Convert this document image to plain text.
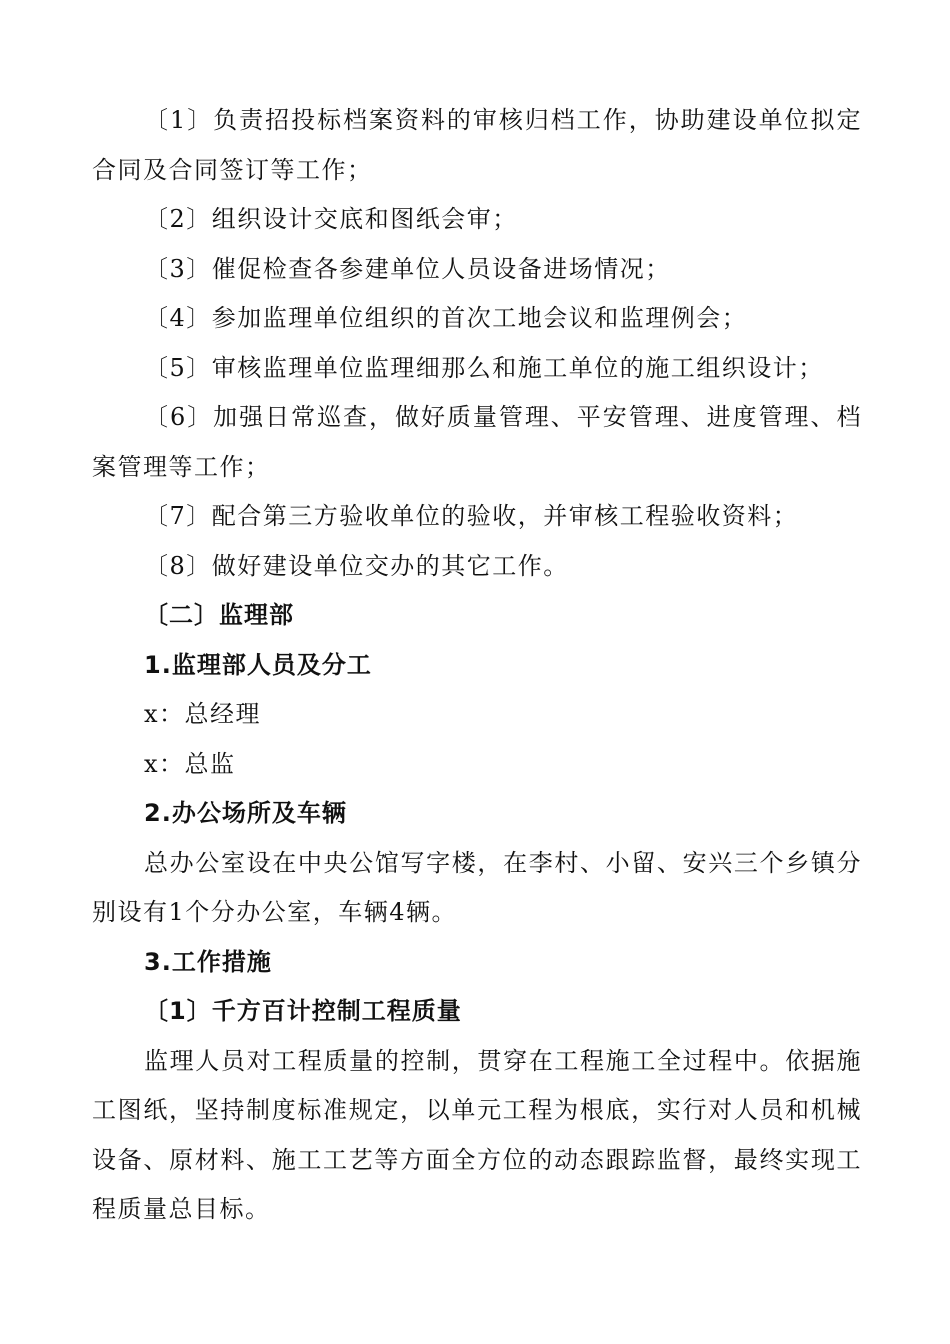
〔1〕负责招投标档案资料的审核归档工作，协助建设单位拟定合同及合同签订等工作；

〔2〕组织设计交底和图纸会审；

〔3〕催促检查各参建单位人员设备进场情况；

〔4〕参加监理单位组织的首次工地会议和监理例会；

〔5〕审核监理单位监理细那么和施工单位的施工组织设计；

〔6〕加强日常巡查，做好质量管理、平安管理、进度管理、档案管理等工作；

〔7〕配合第三方验收单位的验收，并审核工程验收资料；

〔8〕做好建设单位交办的其它工作。

〔二〕监理部

1.监理部人员及分工

x：总经理

x：总监

2.办公场所及车辆

总办公室设在中央公馆写字楼，在李村、小留、安兴三个乡镇分别设有1个分办公室，车辆4辆。

3.工作措施

〔1〕千方百计控制工程质量

监理人员对工程质量的控制，贯穿在工程施工全过程中。依据施工图纸，坚持制度标准规定，以单元工程为根底，实行对人员和机械设备、原材料、施工工艺等方面全方位的动态跟踪监督，最终实现工程质量总目标。
